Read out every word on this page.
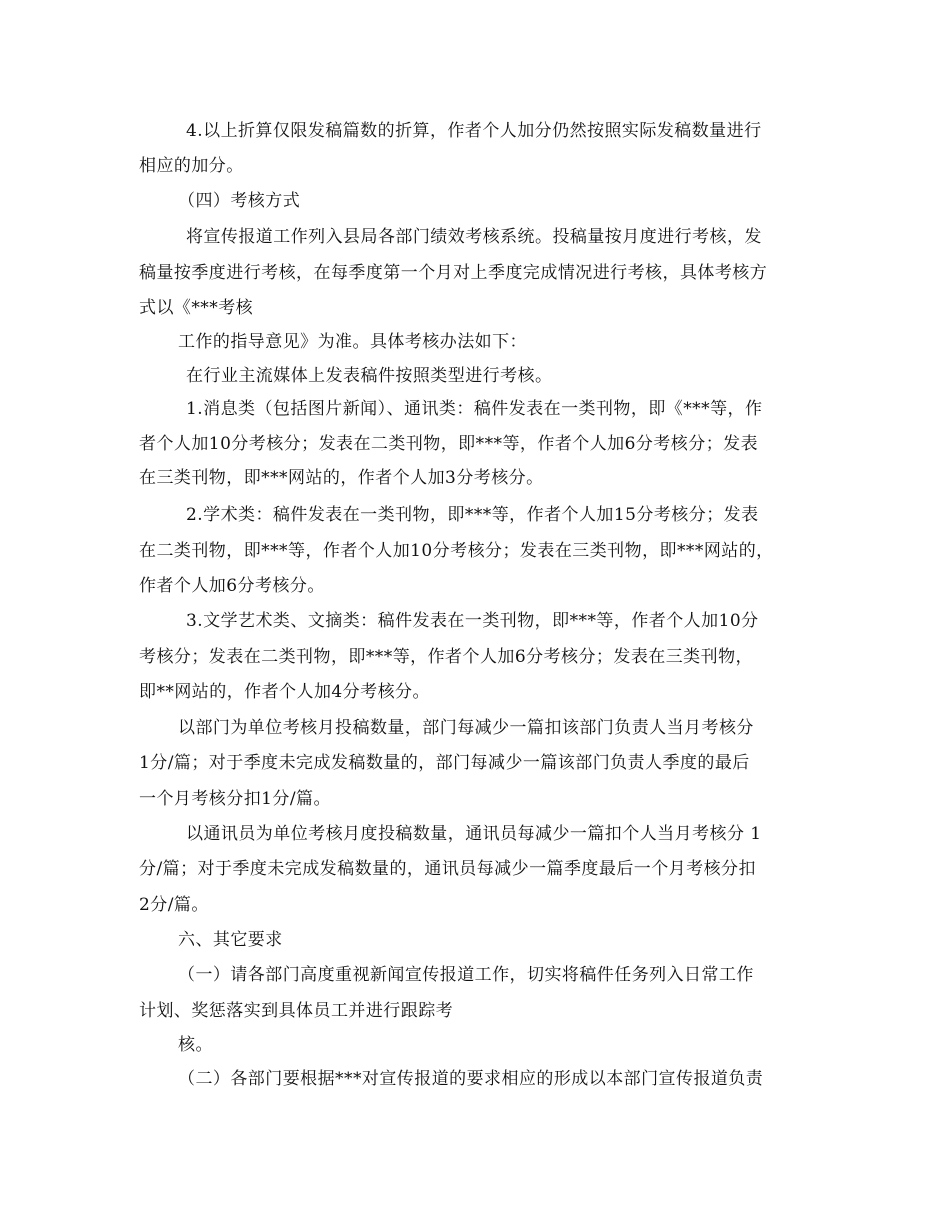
4.以上折算仅限发稿篇数的折算，作者个人加分仍然按照实际发稿数量进行

相应的加分。

（四）考核方式

将宣传报道工作列入县局各部门绩效考核系统。投稿量按月度进行考核，发

稿量按季度进行考核，在每季度第一个月对上季度完成情况进行考核，具体考核方

式以《***考核

工作的指导意见》为准。具体考核办法如下：

在行业主流媒体上发表稿件按照类型进行考核。

1.消息类（包括图片新闻）、通讯类：稿件发表在一类刊物，即《***等，作

者个人加10分考核分；发表在二类刊物，即***等，作者个人加6分考核分；发表

在三类刊物，即***网站的，作者个人加3分考核分。

2.学术类：稿件发表在一类刊物，即***等，作者个人加15分考核分；发表

在二类刊物，即***等，作者个人加10分考核分；发表在三类刊物，即***网站的，

作者个人加6分考核分。

3.文学艺术类、文摘类：稿件发表在一类刊物，即***等，作者个人加10分

考核分；发表在二类刊物，即***等，作者个人加6分考核分；发表在三类刊物，

即**网站的，作者个人加4分考核分。

以部门为单位考核月投稿数量，部门每减少一篇扣该部门负责人当月考核分

1分/篇；对于季度未完成发稿数量的，部门每减少一篇该部门负责人季度的最后

一个月考核分扣1分/篇。

以通讯员为单位考核月度投稿数量，通讯员每减少一篇扣个人当月考核分 1

分/篇；对于季度未完成发稿数量的，通讯员每减少一篇季度最后一个月考核分扣

2分/篇。

六、其它要求

（一）请各部门高度重视新闻宣传报道工作，切实将稿件任务列入日常工作

计划、奖惩落实到具体员工并进行跟踪考

核。

（二）各部门要根据***对宣传报道的要求相应的形成以本部门宣传报道负责
